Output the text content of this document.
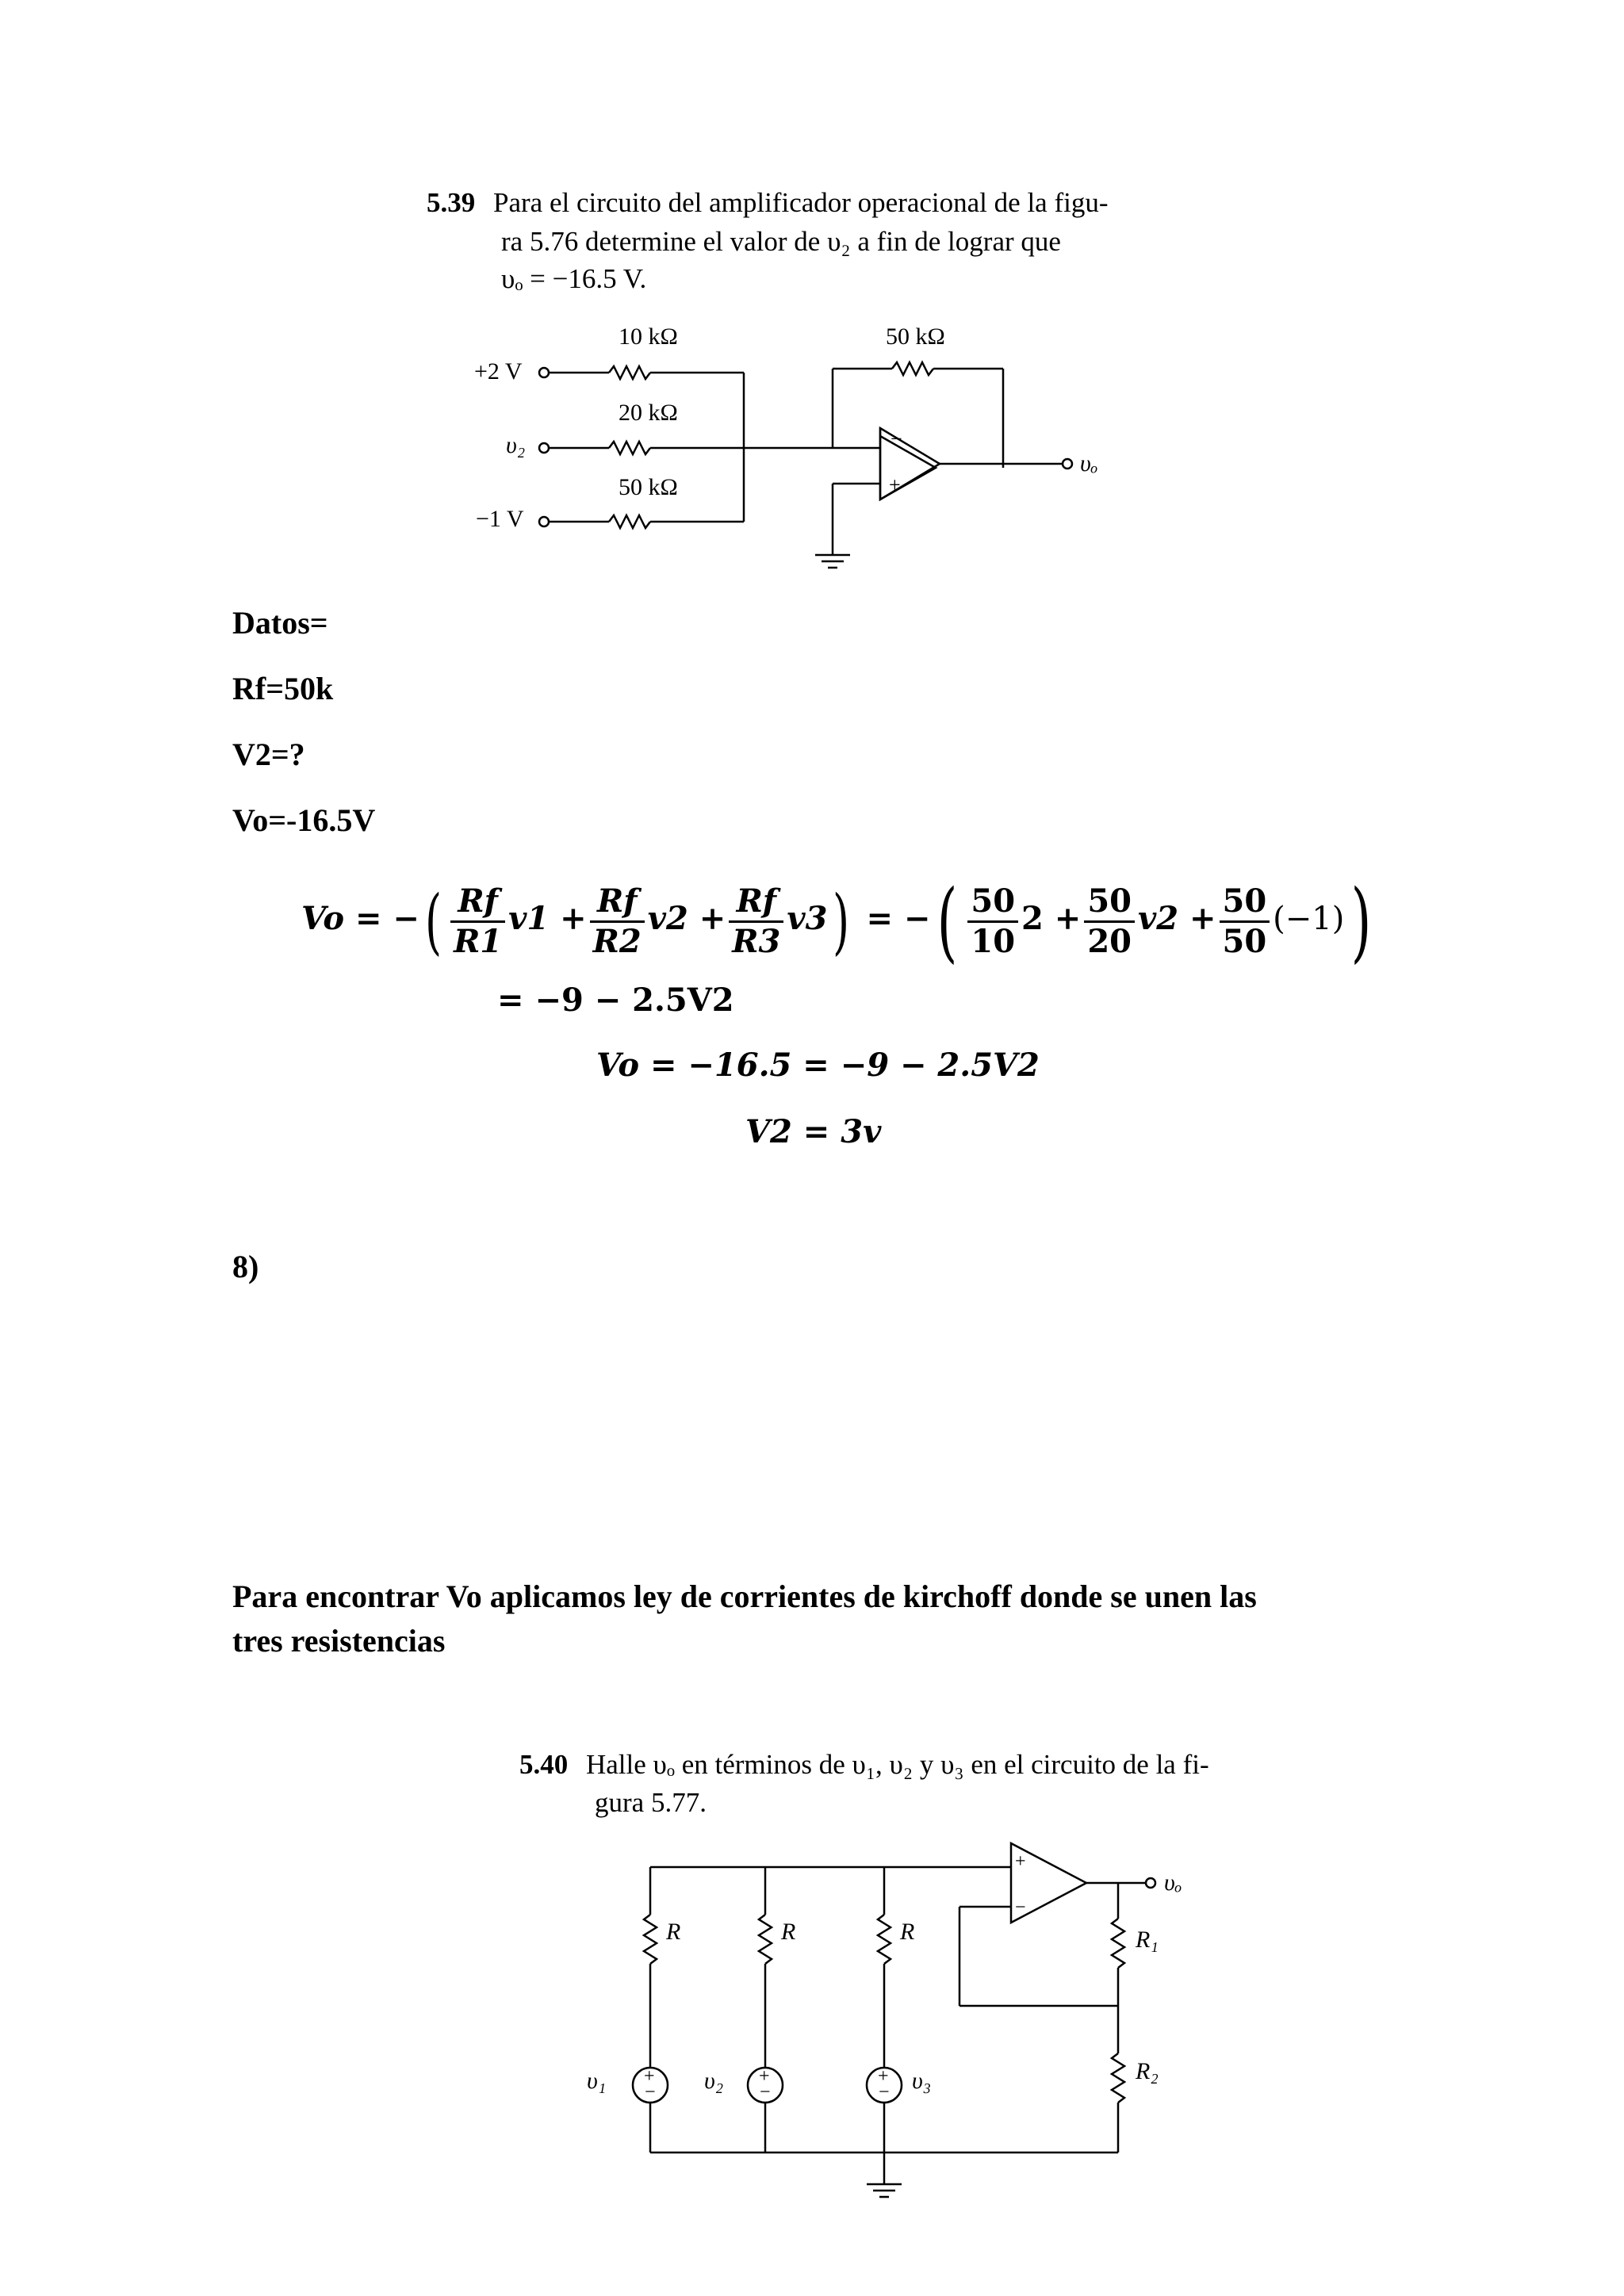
5.39 Para el circuito del amplificador operacional de la figu-
ra 5.76 determine el valor de υ₂ a fin de lograr que
υₒ = −16.5 V.
−
+
10 kΩ
20 kΩ
50 kΩ
50 kΩ
+2 V
υ₂
−1 V
υₒ
Datos=
Rf=50k
V2=?
Vo=-16.5V
Vo = −( $\frac{Rf}{R1} v1 + \frac{Rf}{R2} v2 + \frac{Rf}{R3} v3$) = −( $\frac{50}{10} 2 + \frac{50}{20} v2 + \frac{50}{50} (-1)$)
= −9 − 2.5V2
Vo = −16.5 = −9 − 2.5V2
V2 = 3v
8)
Para encontrar Vo aplicamos ley de corrientes de kirchoff donde se unen las
tres resistencias
5.40 Halle υₒ en términos de υ₁, υ₂ y υ₃ en el circuito de la fi-
gura 5.77.
+
−
+
−
+
−
+
−
R	R	R	R₁
R₂
υ₁	υ₂	υ₃
υₒ
